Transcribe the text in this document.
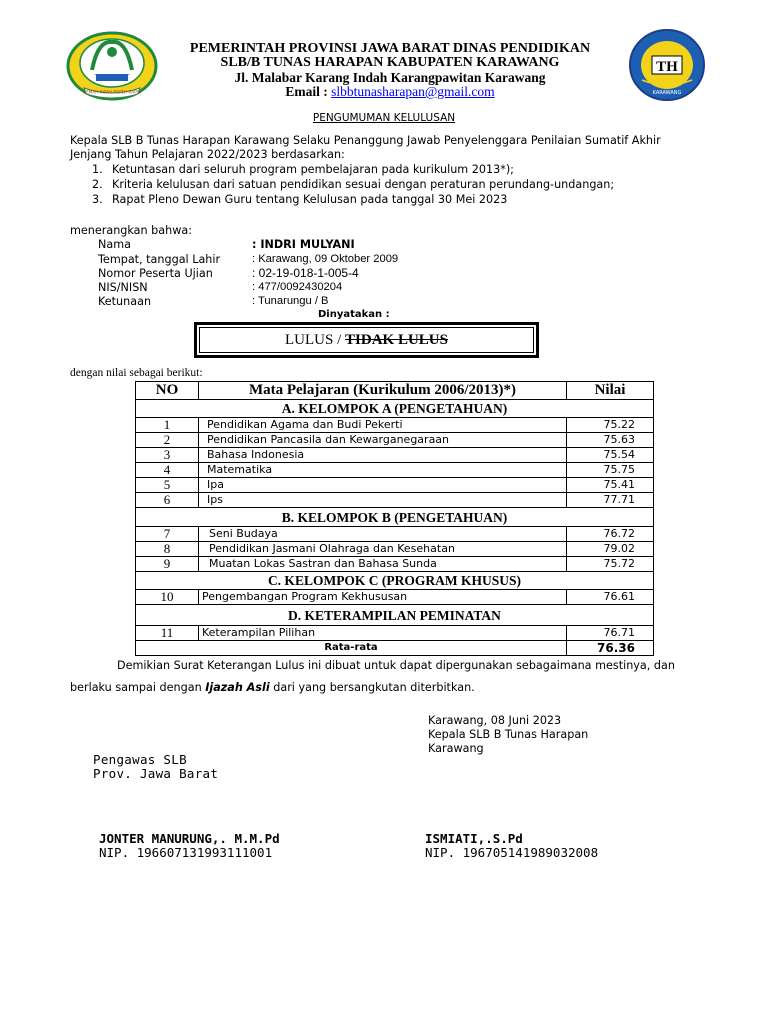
GEMAH RIPAH REPEH RAPIH
TH
KARAWANG
PEMERINTAH PROVINSI JAWA BARAT DINAS PENDIDIKAN
SLB/B TUNAS HARAPAN KABUPATEN KARAWANG
Jl. Malabar Karang Indah Karangpawitan Karawang
Email : slbbtunasharapan@gmail.com
PENGUMUMAN KELULUSAN
Kepala SLB B Tunas Harapan Karawang Selaku Penanggung Jawab Penyelenggara Penilaian Sumatif Akhir Jenjang Tahun Pelajaran 2022/2023 berdasarkan:
1. Ketuntasan dari seluruh program pembelajaran pada kurikulum 2013*);
2. Kriteria kelulusan dari satuan pendidikan sesuai dengan peraturan perundang-undangan;
3. Rapat Pleno Dewan Guru tentang Kelulusan pada tanggal 30 Mei 2023
menerangkan bahwa:
Nama	: INDRI MULYANI
Tempat, tanggal Lahir	: Karawang, 09 Oktober 2009
Nomor Peserta Ujian	: 02-19-018-1-005-4
NIS/NISN	: 477/0092430204
Ketunaan	: Tunarungu / B
Dinyatakan :
LULUS / TIDAK LULUS
dengan nilai sebagai berikut:
NO	Mata Pelajaran (Kurikulum 2006/2013)*)	Nilai
A. KELOMPOK A (PENGETAHUAN)		
1	Pendidikan Agama dan Budi Pekerti	75.22
2	Pendidikan Pancasila dan Kewarganegaraan	75.63
3	Bahasa Indonesia	75.54
4	Matematika	75.75
5	Ipa	75.41
6	Ips	77.71
B. KELOMPOK B (PENGETAHUAN)		
7	Seni Budaya	76.72
8	Pendidikan Jasmani Olahraga dan Kesehatan	79.02
9	Muatan Lokas Sastran dan Bahasa Sunda	75.72
C. KELOMPOK C (PROGRAM KHUSUS)		
10	Pengembangan Program Kekhususan	76.61
D. KETERAMPILAN PEMINATAN		
11	Keterampilan Pilihan	76.71
Rata-rata		76.36
Demikian Surat Keterangan Lulus ini dibuat untuk dapat dipergunakan sebagaimana mestinya, dan
berlaku sampai dengan Ijazah Asli dari yang bersangkutan diterbitkan.
Karawang, 08 Juni 2023
Kepala SLB B Tunas Harapan
Karawang
Pengawas SLB
Prov. Jawa Barat
JONTER MANURUNG,. M.M.Pd
NIP. 196607131993111001
ISMIATI,.S.Pd
NIP. 196705141989032008
